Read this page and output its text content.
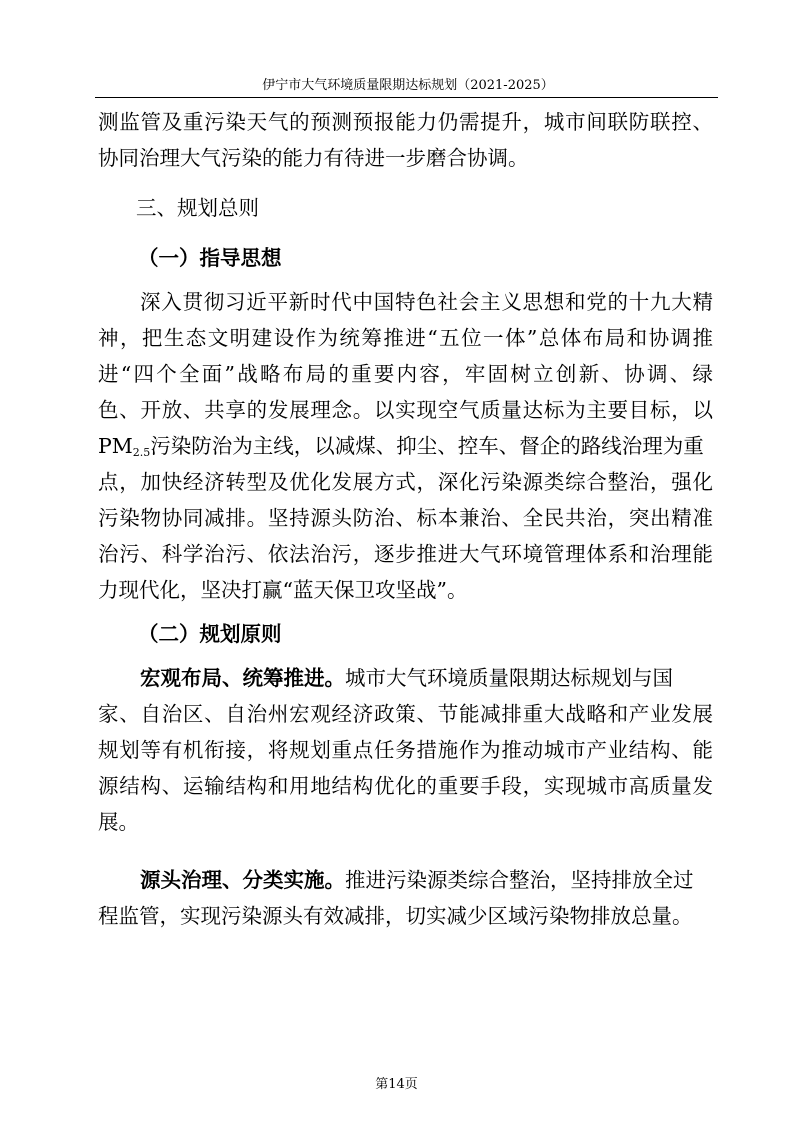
伊宁市大气环境质量限期达标规划（2021-2025）
测监管及重污染天气的预测预报能力仍需提升，城市间联防联控、
协同治理大气污染的能力有待进一步磨合协调。
三、规划总则
（一）指导思想
深入贯彻习近平新时代中国特色社会主义思想和党的十九大精
神，把生态文明建设作为统筹推进“五位一体”总体布局和协调推
进“四个全面”战略布局的重要内容，牢固树立创新、协调、绿
色、开放、共享的发展理念。以实现空气质量达标为主要目标，以
$PM_{2.5}$污染防治为主线，以减煤、抑尘、控车、督企的路线治理为重
点，加快经济转型及优化发展方式，深化污染源类综合整治，强化
污染物协同减排。坚持源头防治、标本兼治、全民共治，突出精准
治污、科学治污、依法治污，逐步推进大气环境管理体系和治理能
力现代化，坚决打赢“蓝天保卫攻坚战”。
（二）规划原则
宏观布局、统筹推进。城市大气环境质量限期达标规划与国
家、自治区、自治州宏观经济政策、节能减排重大战略和产业发展
规划等有机衔接，将规划重点任务措施作为推动城市产业结构、能
源结构、运输结构和用地结构优化的重要手段，实现城市高质量发
展。
源头治理、分类实施。推进污染源类综合整治，坚持排放全过
程监管，实现污染源头有效减排，切实减少区域污染物排放总量。
第14页
